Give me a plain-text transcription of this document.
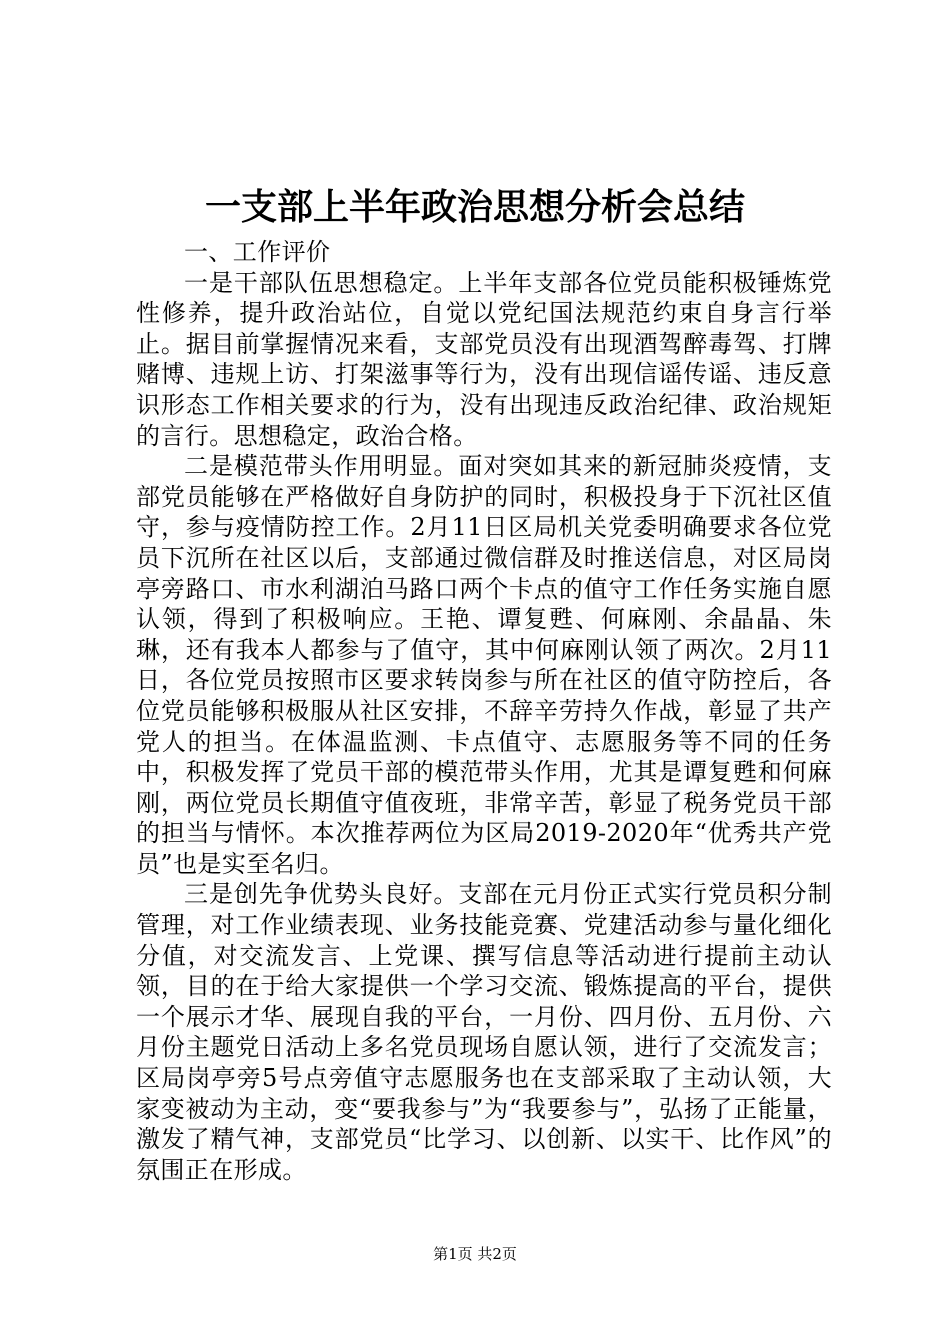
一支部上半年政治思想分析会总结

一、工作评价

一是干部队伍思想稳定。上半年支部各位党员能积极锤炼党性修养，提升政治站位，自觉以党纪国法规范约束自身言行举止。据目前掌握情况来看，支部党员没有出现酒驾醉毒驾、打牌赌博、违规上访、打架滋事等行为，没有出现信谣传谣、违反意识形态工作相关要求的行为，没有出现违反政治纪律、政治规矩的言行。思想稳定，政治合格。

二是模范带头作用明显。面对突如其来的新冠肺炎疫情，支部党员能够在严格做好自身防护的同时，积极投身于下沉社区值守，参与疫情防控工作。2月11日区局机关党委明确要求各位党员下沉所在社区以后，支部通过微信群及时推送信息，对区局岗亭旁路口、市水利湖泊马路口两个卡点的值守工作任务实施自愿认领，得到了积极响应。王艳、谭复甦、何麻刚、余晶晶、朱琳，还有我本人都参与了值守，其中何麻刚认领了两次。2月11日，各位党员按照市区要求转岗参与所在社区的值守防控后，各位党员能够积极服从社区安排，不辞辛劳持久作战，彰显了共产党人的担当。在体温监测、卡点值守、志愿服务等不同的任务中，积极发挥了党员干部的模范带头作用，尤其是谭复甦和何麻刚，两位党员长期值守值夜班，非常辛苦，彰显了税务党员干部的担当与情怀。本次推荐两位为区局2019-2020年“优秀共产党员”也是实至名归。

三是创先争优势头良好。支部在元月份正式实行党员积分制管理，对工作业绩表现、业务技能竞赛、党建活动参与量化细化分值，对交流发言、上党课、撰写信息等活动进行提前主动认领，目的在于给大家提供一个学习交流、锻炼提高的平台，提供一个展示才华、展现自我的平台，一月份、四月份、五月份、六月份主题党日活动上多名党员现场自愿认领，进行了交流发言；区局岗亭旁5号点旁值守志愿服务也在支部采取了主动认领，大家变被动为主动，变“要我参与”为“我要参与”，弘扬了正能量，激发了精气神，支部党员“比学习、以创新、以实干、比作风”的氛围正在形成。

第1页 共2页
